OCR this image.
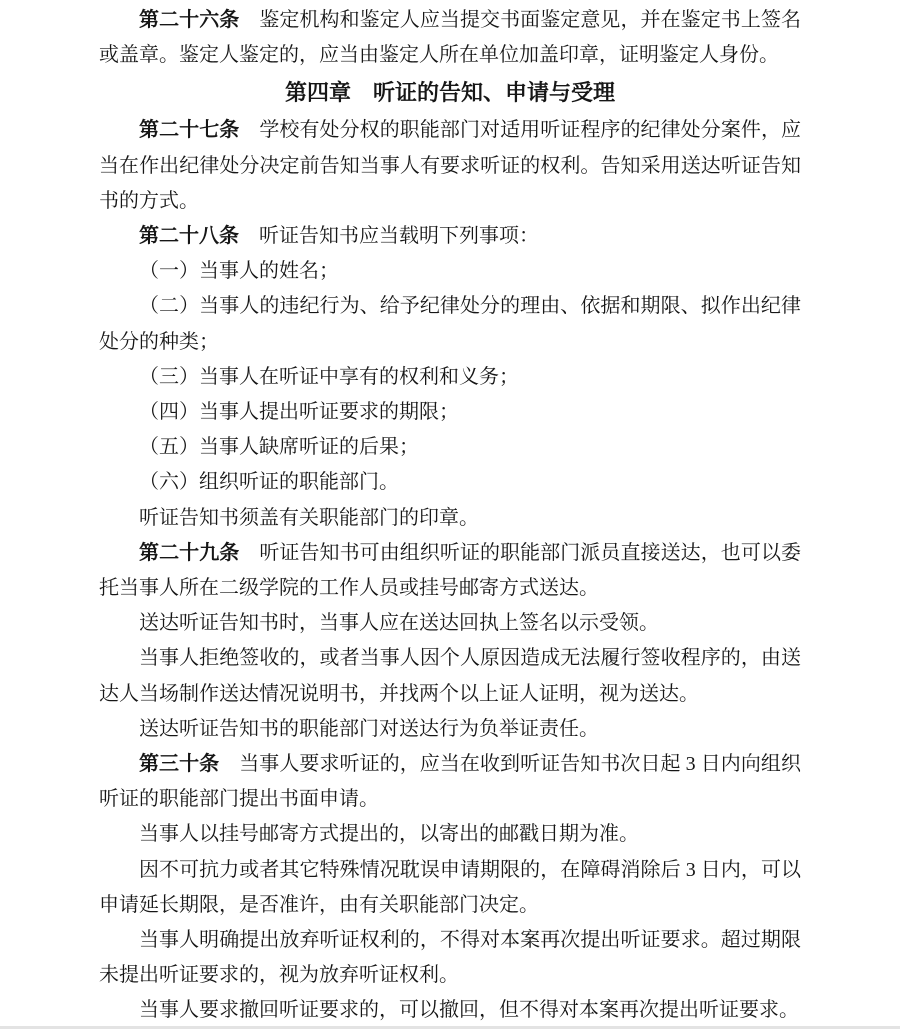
第二十六条 鉴定机构和鉴定人应当提交书面鉴定意见，并在鉴定书上签名或盖章。鉴定人鉴定的，应当由鉴定人所在单位加盖印章，证明鉴定人身份。

第四章　听证的告知、申请与受理

第二十七条 学校有处分权的职能部门对适用听证程序的纪律处分案件，应当在作出纪律处分决定前告知当事人有要求听证的权利。告知采用送达听证告知书的方式。

第二十八条 听证告知书应当载明下列事项：

（一）当事人的姓名；

（二）当事人的违纪行为、给予纪律处分的理由、依据和期限、拟作出纪律处分的种类；

（三）当事人在听证中享有的权利和义务；

（四）当事人提出听证要求的期限；

（五）当事人缺席听证的后果；

（六）组织听证的职能部门。

听证告知书须盖有关职能部门的印章。

第二十九条 听证告知书可由组织听证的职能部门派员直接送达，也可以委托当事人所在二级学院的工作人员或挂号邮寄方式送达。

送达听证告知书时，当事人应在送达回执上签名以示受领。

当事人拒绝签收的，或者当事人因个人原因造成无法履行签收程序的，由送达人当场制作送达情况说明书，并找两个以上证人证明，视为送达。

送达听证告知书的职能部门对送达行为负举证责任。

第三十条 当事人要求听证的，应当在收到听证告知书次日起 3 日内向组织听证的职能部门提出书面申请。

当事人以挂号邮寄方式提出的，以寄出的邮戳日期为准。

因不可抗力或者其它特殊情况耽误申请期限的，在障碍消除后 3 日内，可以申请延长期限，是否准许，由有关职能部门决定。

当事人明确提出放弃听证权利的，不得对本案再次提出听证要求。超过期限未提出听证要求的，视为放弃听证权利。

当事人要求撤回听证要求的，可以撤回，但不得对本案再次提出听证要求。
